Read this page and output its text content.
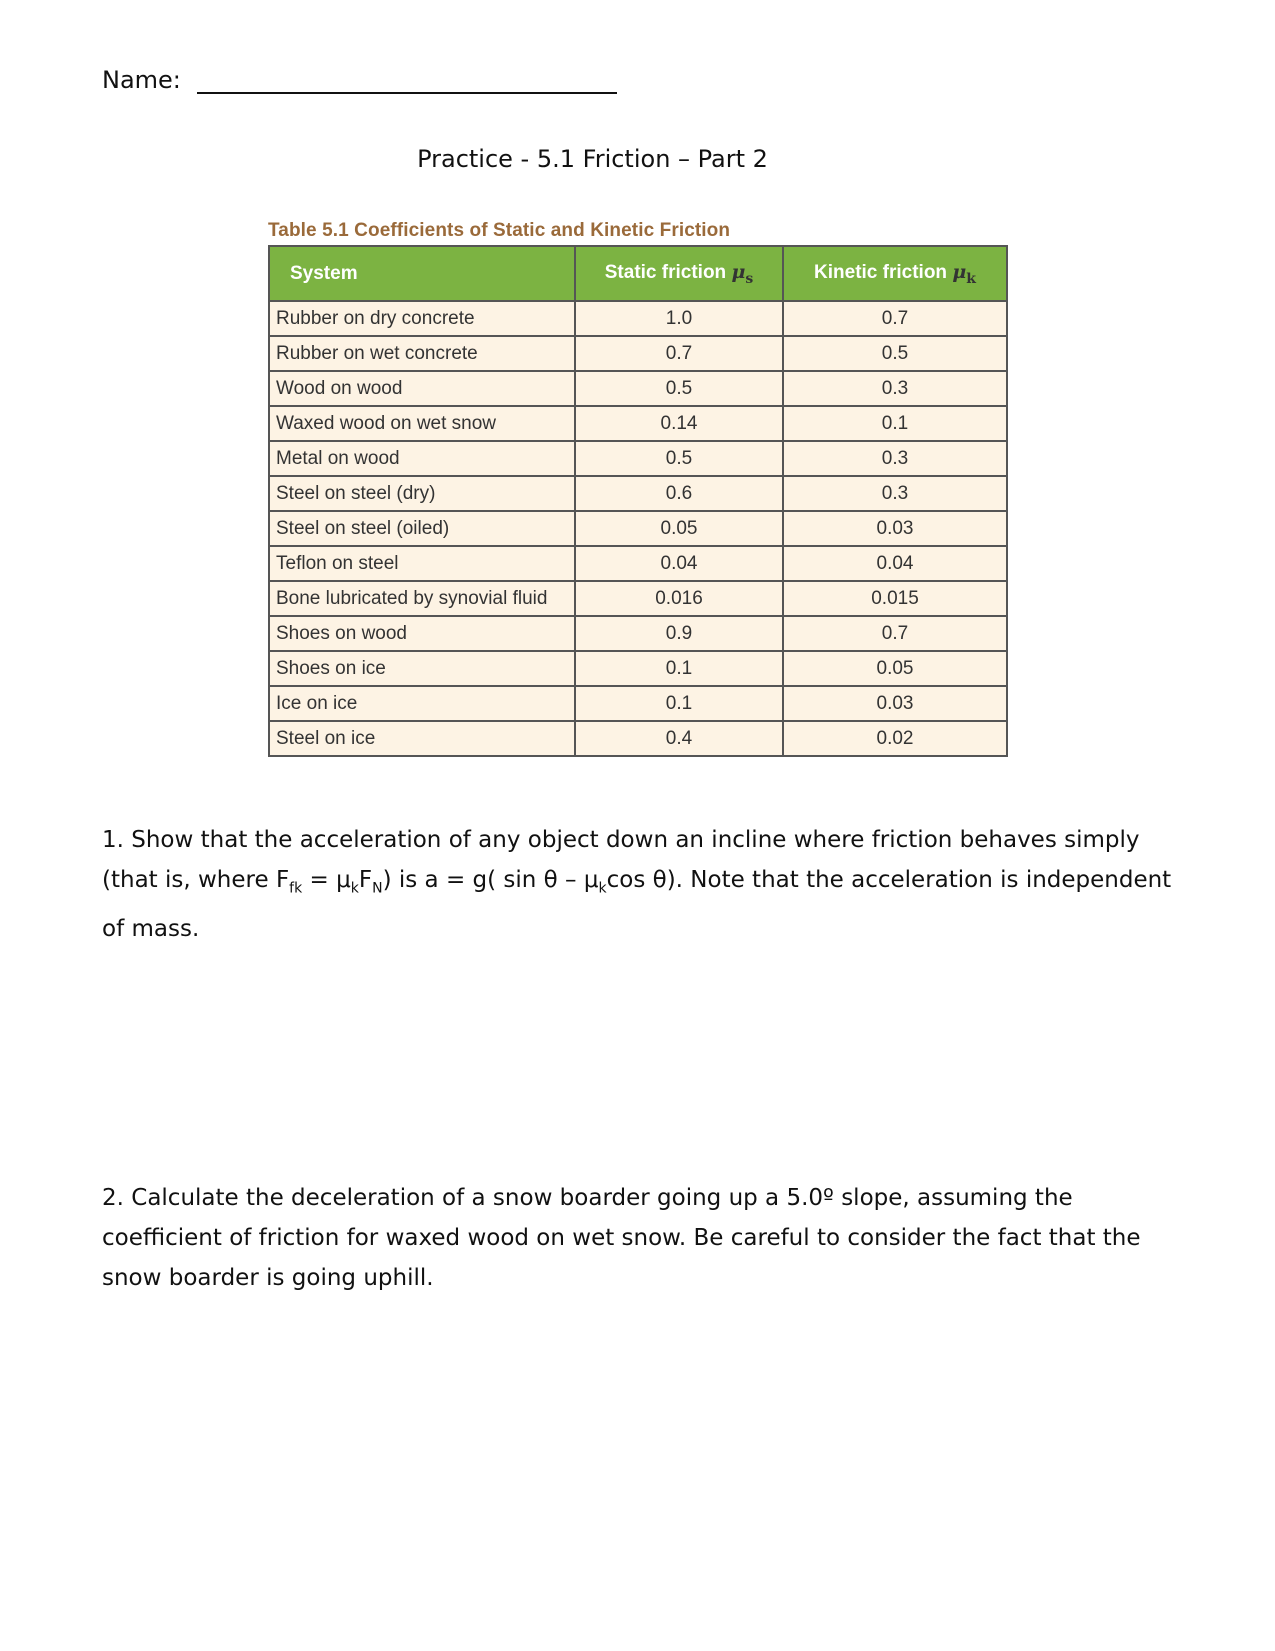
Name:
Practice - 5.1 Friction – Part 2
Table 5.1 Coefficients of Static and Kinetic Friction
System	Static friction $\mu_s$	Kinetic friction $\mu_k$
Rubber on dry concrete	1.0	0.7
Rubber on wet concrete	0.7	0.5
Wood on wood	0.5	0.3
Waxed wood on wet snow	0.14	0.1
Metal on wood	0.5	0.3
Steel on steel (dry)	0.6	0.3
Steel on steel (oiled)	0.05	0.03
Teflon on steel	0.04	0.04
Bone lubricated by synovial fluid	0.016	0.015
Shoes on wood	0.9	0.7
Shoes on ice	0.1	0.05
Ice on ice	0.1	0.03
Steel on ice	0.4	0.02
1. Show that the acceleration of any object down an incline where friction behaves simply (that is, where $F_{fk} = \mu_kF_N$) is a = g( sin θ – $\mu_k\cos$ θ). Note that the acceleration is independent of mass.
2. Calculate the deceleration of a snow boarder going up a 5.0º slope, assuming the coefficient of friction for waxed wood on wet snow. Be careful to consider the fact that the snow boarder is going uphill.
